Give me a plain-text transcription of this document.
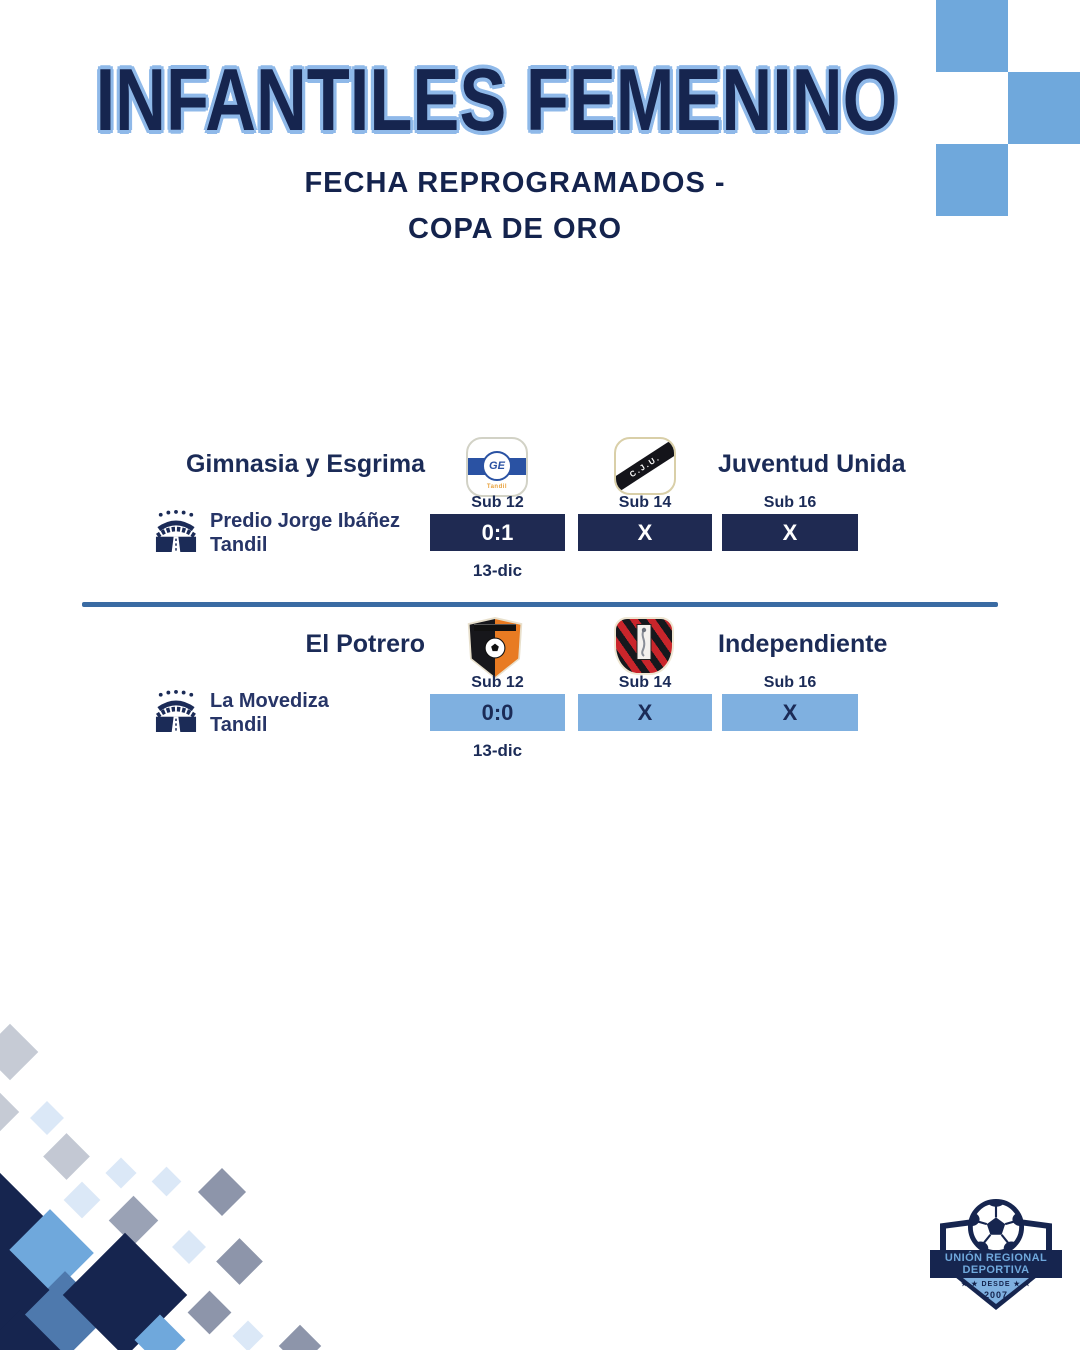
INFANTILES FEMENINO
FECHA REPROGRAMADOS -
COPA DE ORO
Gimnasia y Esgrima	GE
Tandil
C.J.U.	Juventud Unida
Sub 12	Sub 14	Sub 16
0:1	X	X
Predio Jorge Ibáñez
Tandil
13-dic
El Potrero	Independiente
Sub 12	Sub 14	Sub 16
0:0	X	X
La Movediza
Tandil
13-dic
UNIÓN REGIONAL
DEPORTIVA
★ ★ DESDE ★ ★
2007
